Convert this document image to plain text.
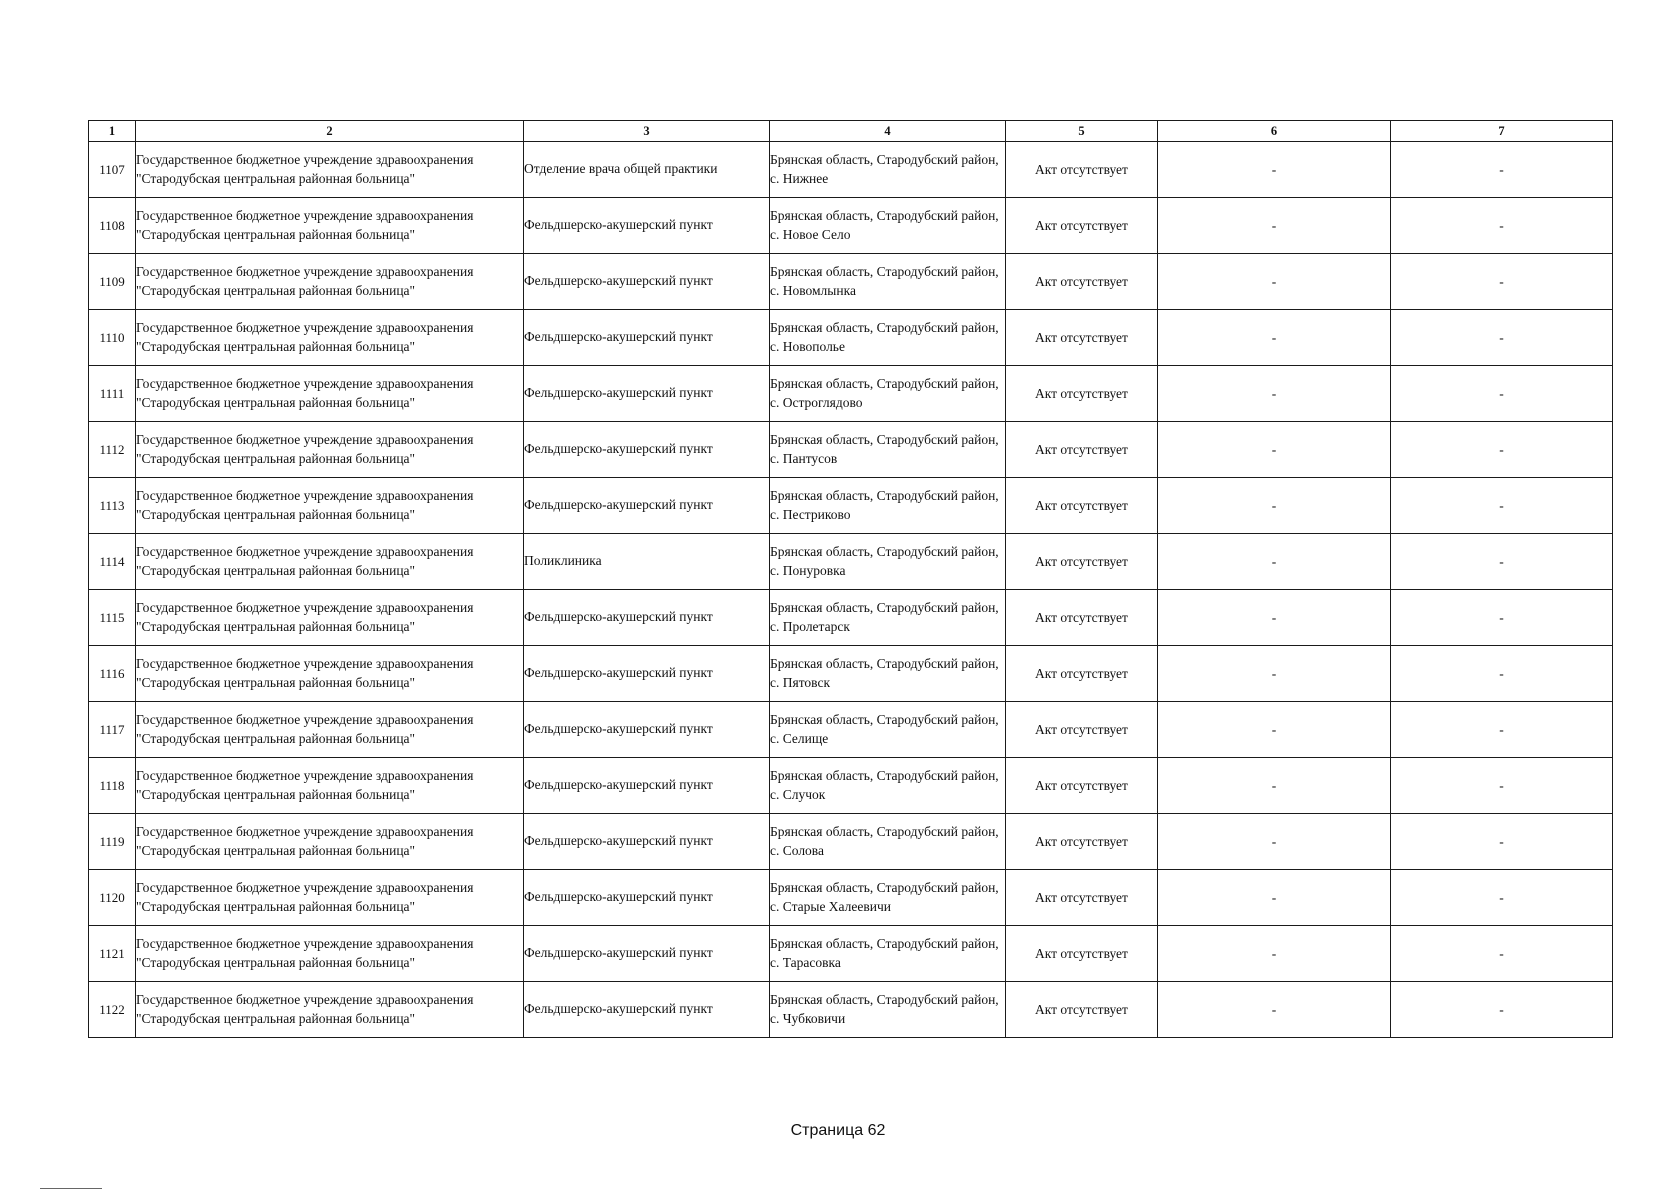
1	2	3	4	5	6	7
1107	Государственное бюджетное учреждение здравоохранения "Стародубская центральная районная больница"	Отделение врача общей практики	Брянская область, Стародубский район, с. Нижнее	Акт отсутствует	-	-
1108	Государственное бюджетное учреждение здравоохранения "Стародубская центральная районная больница"	Фельдшерско-акушерский пункт	Брянская область, Стародубский район, с. Новое Село	Акт отсутствует	-	-
1109	Государственное бюджетное учреждение здравоохранения "Стародубская центральная районная больница"	Фельдшерско-акушерский пункт	Брянская область, Стародубский район, с. Новомлынка	Акт отсутствует	-	-
1110	Государственное бюджетное учреждение здравоохранения "Стародубская центральная районная больница"	Фельдшерско-акушерский пункт	Брянская область, Стародубский район, с. Новополье	Акт отсутствует	-	-
1111	Государственное бюджетное учреждение здравоохранения "Стародубская центральная районная больница"	Фельдшерско-акушерский пункт	Брянская область, Стародубский район, с. Остроглядово	Акт отсутствует	-	-
1112	Государственное бюджетное учреждение здравоохранения "Стародубская центральная районная больница"	Фельдшерско-акушерский пункт	Брянская область, Стародубский район, с. Пантусов	Акт отсутствует	-	-
1113	Государственное бюджетное учреждение здравоохранения "Стародубская центральная районная больница"	Фельдшерско-акушерский пункт	Брянская область, Стародубский район, с. Пестриково	Акт отсутствует	-	-
1114	Государственное бюджетное учреждение здравоохранения "Стародубская центральная районная больница"	Поликлиника	Брянская область, Стародубский район, с. Понуровка	Акт отсутствует	-	-
1115	Государственное бюджетное учреждение здравоохранения "Стародубская центральная районная больница"	Фельдшерско-акушерский пункт	Брянская область, Стародубский район, с. Пролетарск	Акт отсутствует	-	-
1116	Государственное бюджетное учреждение здравоохранения "Стародубская центральная районная больница"	Фельдшерско-акушерский пункт	Брянская область, Стародубский район, с. Пятовск	Акт отсутствует	-	-
1117	Государственное бюджетное учреждение здравоохранения "Стародубская центральная районная больница"	Фельдшерско-акушерский пункт	Брянская область, Стародубский район, с. Селище	Акт отсутствует	-	-
1118	Государственное бюджетное учреждение здравоохранения "Стародубская центральная районная больница"	Фельдшерско-акушерский пункт	Брянская область, Стародубский район, с. Случок	Акт отсутствует	-	-
1119	Государственное бюджетное учреждение здравоохранения "Стародубская центральная районная больница"	Фельдшерско-акушерский пункт	Брянская область, Стародубский район, с. Солова	Акт отсутствует	-	-
1120	Государственное бюджетное учреждение здравоохранения "Стародубская центральная районная больница"	Фельдшерско-акушерский пункт	Брянская область, Стародубский район, с. Старые Халеевичи	Акт отсутствует	-	-
1121	Государственное бюджетное учреждение здравоохранения "Стародубская центральная районная больница"	Фельдшерско-акушерский пункт	Брянская область, Стародубский район, с. Тарасовка	Акт отсутствует	-	-
1122	Государственное бюджетное учреждение здравоохранения "Стародубская центральная районная больница"	Фельдшерско-акушерский пункт	Брянская область, Стародубский район, с. Чубковичи	Акт отсутствует	-	-
Страница 62
